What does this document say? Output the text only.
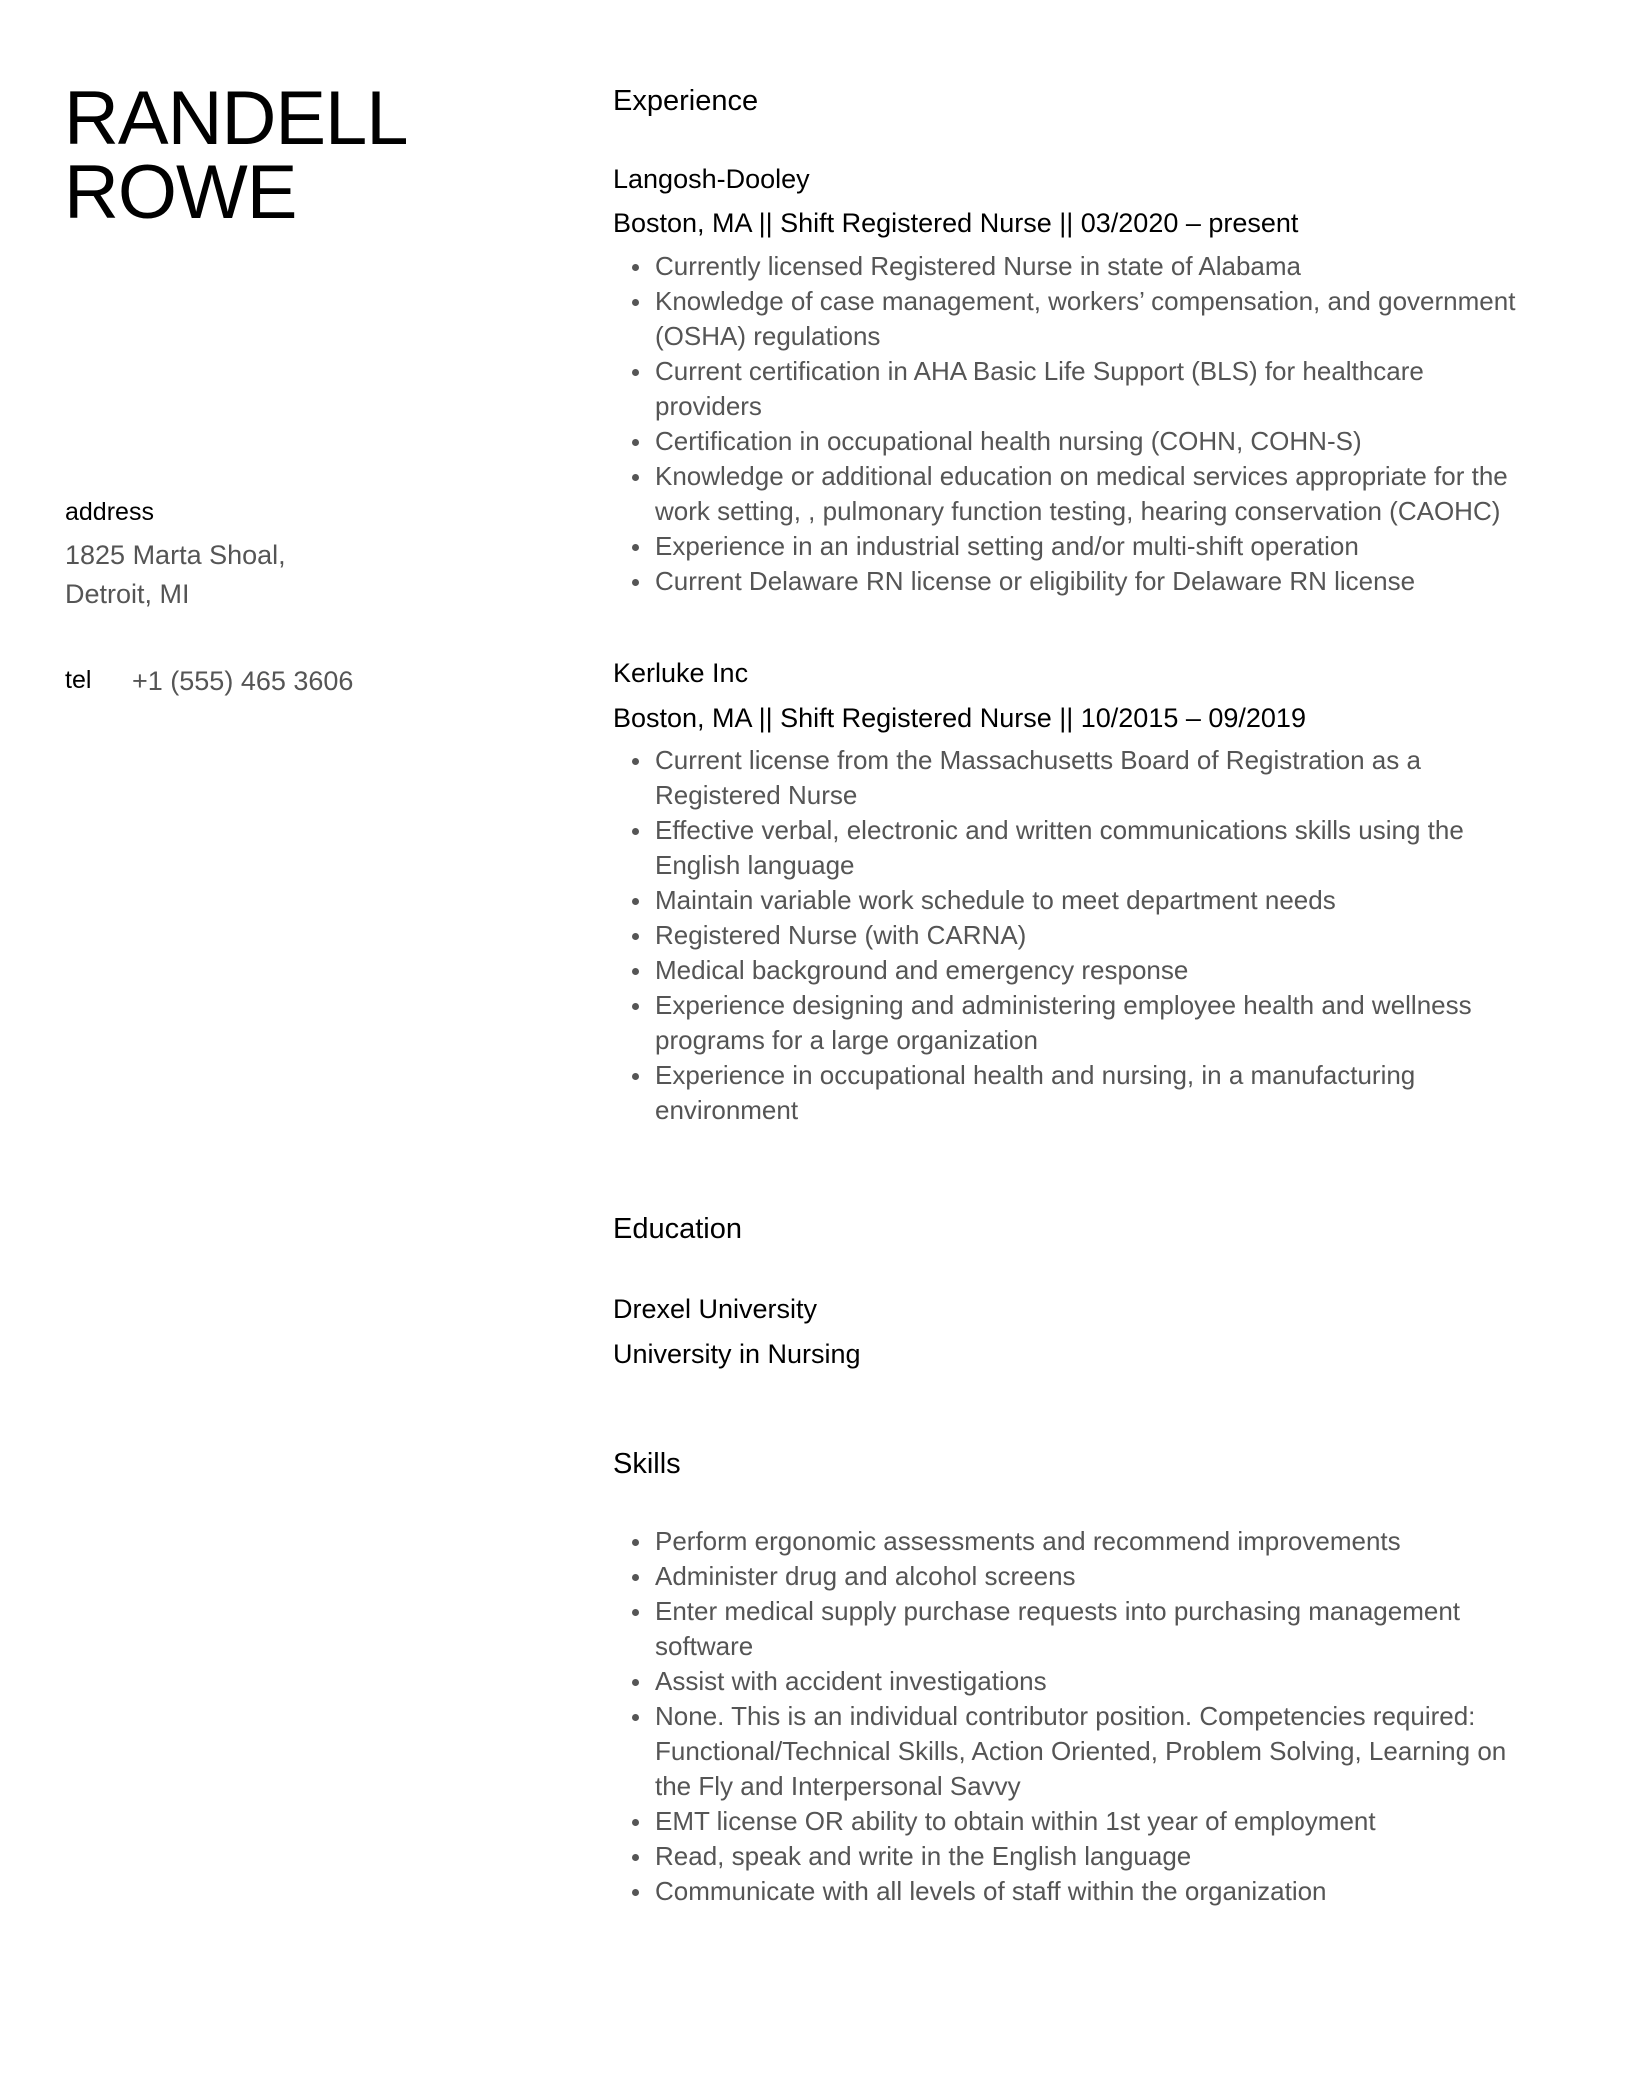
RANDELL
ROWE
address
1825 Marta Shoal,
Detroit, MI
tel +1 (555) 465 3606
Experience
Langosh-Dooley
Boston, MA || Shift Registered Nurse || 03/2020 – present
Currently licensed Registered Nurse in state of Alabama
Knowledge of case management, workers’ compensation, and government (OSHA) regulations
Current certification in AHA Basic Life Support (BLS) for healthcare providers
Certification in occupational health nursing (COHN, COHN-S)
Knowledge or additional education on medical services appropriate for the work setting, , pulmonary function testing, hearing conservation (CAOHC)
Experience in an industrial setting and/or multi-shift operation
Current Delaware RN license or eligibility for Delaware RN license
Kerluke Inc
Boston, MA || Shift Registered Nurse || 10/2015 – 09/2019
Current license from the Massachusetts Board of Registration as a Registered Nurse
Effective verbal, electronic and written communications skills using the English language
Maintain variable work schedule to meet department needs
Registered Nurse (with CARNA)
Medical background and emergency response
Experience designing and administering employee health and wellness programs for a large organization
Experience in occupational health and nursing, in a manufacturing environment
Education
Drexel University
University in Nursing
Skills
Perform ergonomic assessments and recommend improvements
Administer drug and alcohol screens
Enter medical supply purchase requests into purchasing management software
Assist with accident investigations
None. This is an individual contributor position. Competencies required: Functional/Technical Skills, Action Oriented, Problem Solving, Learning on the Fly and Interpersonal Savvy
EMT license OR ability to obtain within 1st year of employment
Read, speak and write in the English language
Communicate with all levels of staff within the organization
